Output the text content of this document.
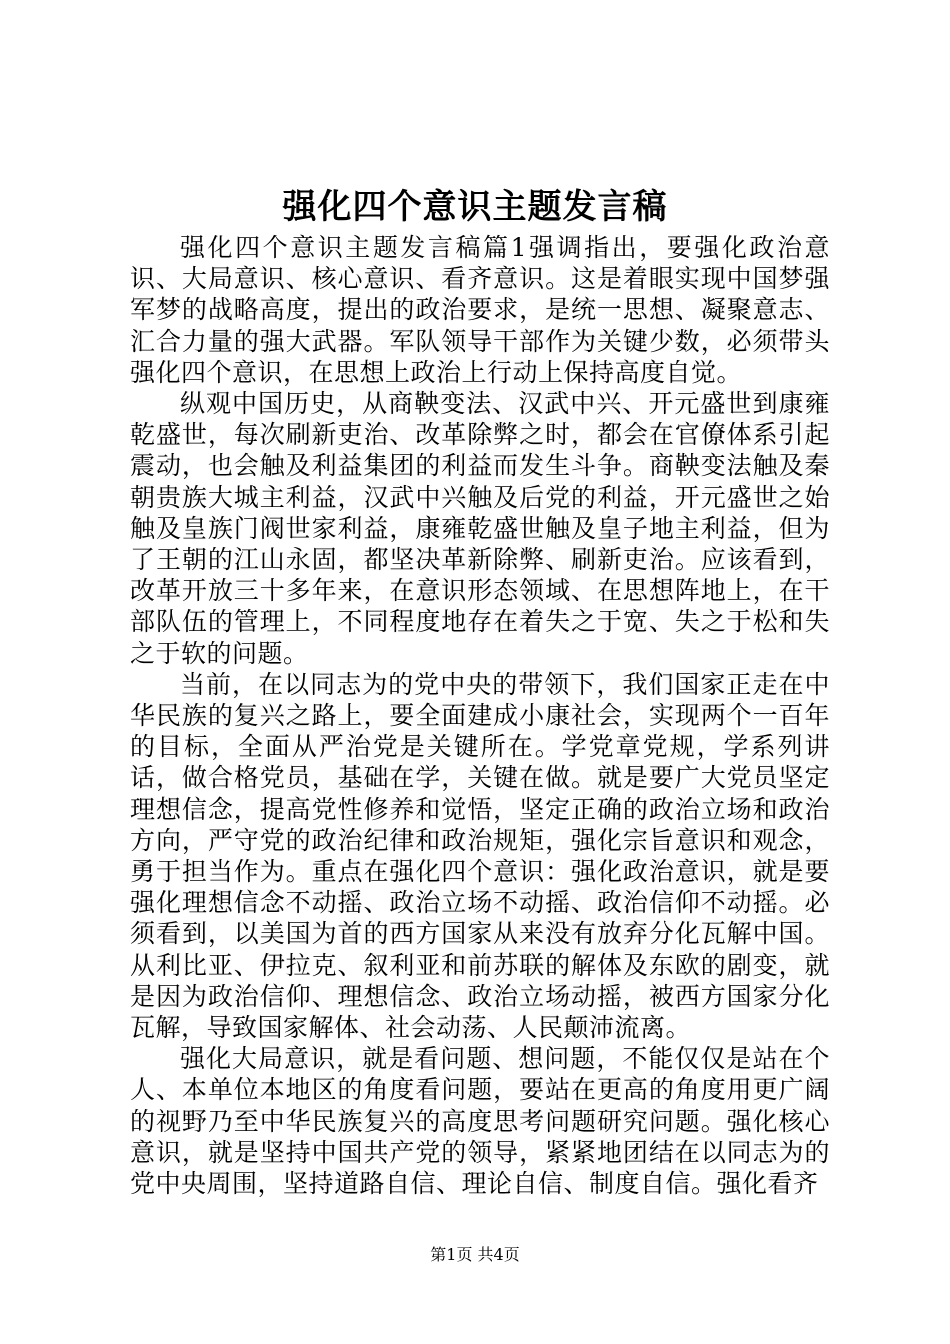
强化四个意识主题发言稿

强化四个意识主题发言稿篇1强调指出，要强化政治意识、大局意识、核心意识、看齐意识。这是着眼实现中国梦强军梦的战略高度，提出的政治要求，是统一思想、凝聚意志、汇合力量的强大武器。军队领导干部作为关键少数，必须带头强化四个意识，在思想上政治上行动上保持高度自觉。

纵观中国历史，从商鞅变法、汉武中兴、开元盛世到康雍乾盛世，每次刷新吏治、改革除弊之时，都会在官僚体系引起震动，也会触及利益集团的利益而发生斗争。商鞅变法触及秦朝贵族大城主利益，汉武中兴触及后党的利益，开元盛世之始触及皇族门阀世家利益，康雍乾盛世触及皇子地主利益，但为了王朝的江山永固，都坚决革新除弊、刷新吏治。应该看到，改革开放三十多年来，在意识形态领域、在思想阵地上，在干部队伍的管理上，不同程度地存在着失之于宽、失之于松和失之于软的问题。

当前，在以同志为的党中央的带领下，我们国家正走在中华民族的复兴之路上，要全面建成小康社会，实现两个一百年的目标，全面从严治党是关键所在。学党章党规，学系列讲话，做合格党员，基础在学，关键在做。就是要广大党员坚定理想信念，提高党性修养和觉悟，坚定正确的政治立场和政治方向，严守党的政治纪律和政治规矩，强化宗旨意识和观念，勇于担当作为。重点在强化四个意识：强化政治意识，就是要强化理想信念不动摇、政治立场不动摇、政治信仰不动摇。必须看到，以美国为首的西方国家从来没有放弃分化瓦解中国。从利比亚、伊拉克、叙利亚和前苏联的解体及东欧的剧变，就是因为政治信仰、理想信念、政治立场动摇，被西方国家分化瓦解，导致国家解体、社会动荡、人民颠沛流离。

强化大局意识，就是看问题、想问题，不能仅仅是站在个人、本单位本地区的角度看问题，要站在更高的角度用更广阔的视野乃至中华民族复兴的高度思考问题研究问题。强化核心意识，就是坚持中国共产党的领导，紧紧地团结在以同志为的党中央周围，坚持道路自信、理论自信、制度自信。强化看齐

第1页 共4页
